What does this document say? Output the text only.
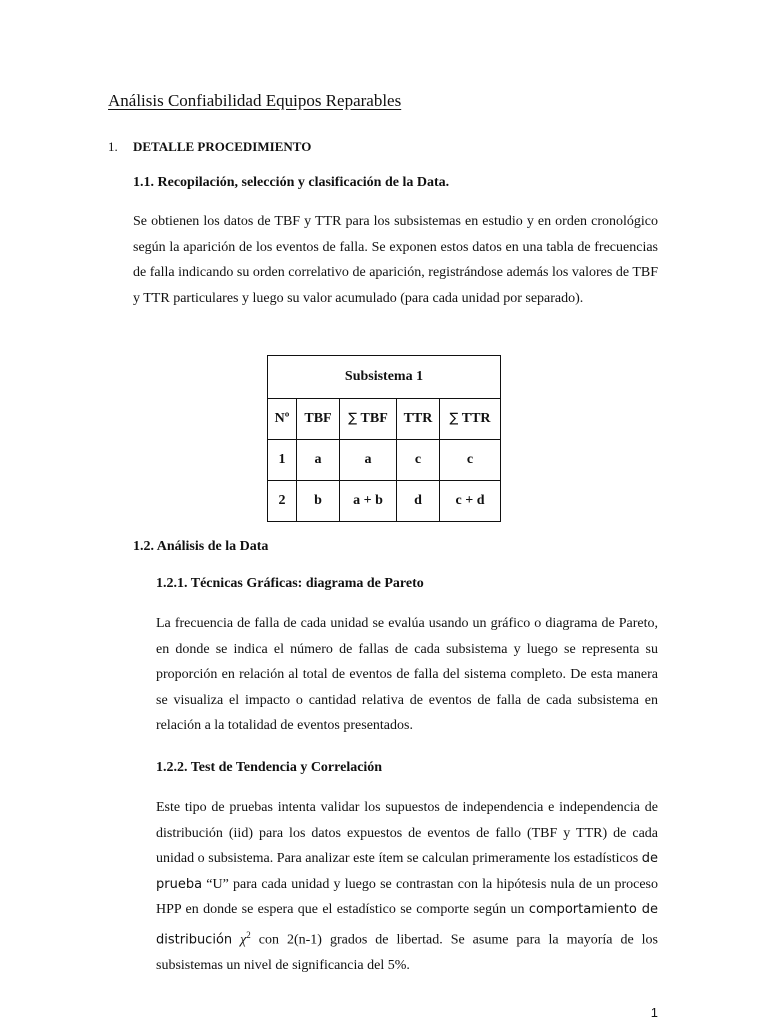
Análisis Confiabilidad Equipos Reparables
1. DETALLE PROCEDIMIENTO
1.1. Recopilación, selección y clasificación de la Data.
Se obtienen los datos de TBF y TTR para los subsistemas en estudio y en orden cronológico según la aparición de los eventos de falla. Se exponen estos datos en una tabla de frecuencias de falla indicando su orden correlativo de aparición, registrándose además los valores de TBF y TTR particulares y luego su valor acumulado (para cada unidad por separado).
Subsistema 1				
Nº	TBF	∑ TBF	TTR	∑ TTR
1	a	a	c	c
2	b	a + b	d	c + d
1.2. Análisis de la Data
1.2.1. Técnicas Gráficas: diagrama de Pareto
La frecuencia de falla de cada unidad se evalúa usando un gráfico o diagrama de Pareto, en donde se indica el número de fallas de cada subsistema y luego se representa su proporción en relación al total de eventos de falla del sistema completo. De esta manera se visualiza el impacto o cantidad relativa de eventos de falla de cada subsistema en relación a la totalidad de eventos presentados.
1.2.2. Test de Tendencia y Correlación
Este tipo de pruebas intenta validar los supuestos de independencia e independencia de distribución (iid) para los datos expuestos de eventos de fallo (TBF y TTR) de cada unidad o subsistema. Para analizar este ítem se calculan primeramente los estadísticos de prueba “U” para cada unidad y luego se contrastan con la hipótesis nula de un proceso HPP en donde se espera que el estadístico se comporte según un comportamiento de distribución $\chi^2$ con 2(n-1) grados de libertad. Se asume para la mayoría de los subsistemas un nivel de significancia del 5%.
1
